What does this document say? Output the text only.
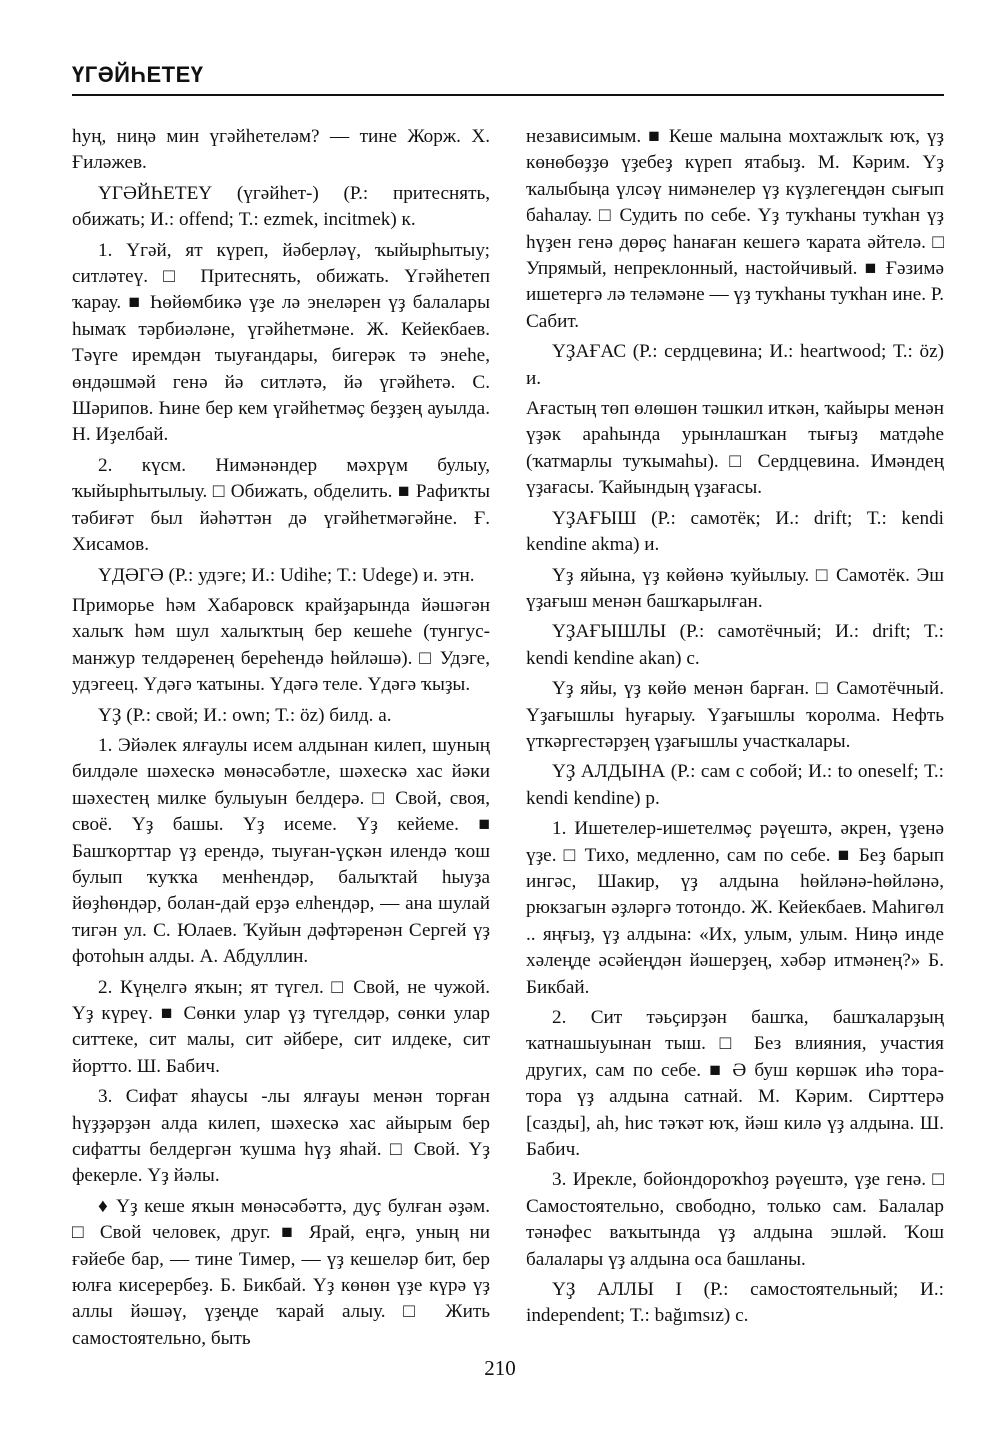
ҮГӘЙҺЕТЕҮ

һуң, ниңә мин үгәйһетеләм? — тине Жорж. Х. Ғиләжев.

ҮГӘЙҺЕТЕҮ (үгәйһет-) (Р.: притеснять, обижать; И.: offend; Т.: ezmek, incitmek) к.

1. Үгәй, ят күреп, йәберләү, ҡыйырһытыу; ситләтеү. □ Притеснять, обижать. Үгәйһетеп ҡарау. ■ Һөйөмбикә үҙе лә энеләрен үҙ балалары һымаҡ тәрбиәләне, үгәйһетмәне. Ж. Кейекбаев. Тәүге иремдән тыуғандары, бигерәк тә энеһе, өндәшмәй генә йә ситләтә, йә үгәйһетә. С. Шәрипов. Һине бер кем үгәйһетмәҫ беҙҙең ауылда. Н. Иҙелбай.

2. күсм. Нимәнәндер мәхрүм булыу, ҡыйырһытылыу. □ Обижать, обделить. ■ Рафиҡты тәбиғәт был йәһәттән дә үгәйһетмәгәйне. Ғ. Хисамов.

ҮДӘГӘ (Р.: удэге; И.: Udihe; Т.: Udege) и. этн.

Приморье һәм Хабаровск крайҙарында йәшәгән халыҡ һәм шул халыҡтың бер кешеһе (тунгус-манжур телдәренең береһендә һөйләшә). □ Удэге, удэгеец. Үдәгә ҡатыны. Үдәгә теле. Үдәгә ҡыҙы.

ҮҘ (Р.: свой; И.: own; Т.: öz) билд. а.

1. Эйәлек ялғаулы исем алдынан килеп, шуның билдәле шәхескә мөнәсәбәтле, шәхескә хас йәки шәхестең милке булыуын белдерә. □ Свой, своя, своё. Үҙ башы. Үҙ исеме. Үҙ кейеме. ■ Башҡорттар үҙ ерендә, тыуған-үҫкән илендә ҡош булып ҡуҡҡа менһендәр, балыҡтай һыуҙа йөҙһөндәр, болан-дай ерҙә елһендәр, — ана шулай тигән ул. С. Юлаев. Ҡуйын дәфтәренән Сергей үҙ фотоһын алды. А. Абдуллин.

2. Күңелгә яҡын; ят түгел. □ Свой, не чужой. Үҙ күреү. ■ Сөнки улар үҙ түгелдәр, сөнки улар ситтеке, сит малы, сит әйбере, сит илдеке, сит йортто. Ш. Бабич.

3. Сифат яһаусы -лы ялғауы менән торған һүҙҙәрҙән алда килеп, шәхескә хас айырым бер сифатты белдергән ҡушма һүҙ яһай. □ Свой. Үҙ фекерле. Үҙ йәлы.

♦ Үҙ кеше яҡын мөнәсәбәттә, дуҫ булған әҙәм. □ Свой человек, друг. ■ Ярай, еңгә, уның ни ғәйебе бар, — тине Тимер, — үҙ кешеләр бит, бер юлға кисерербеҙ. Б. Бикбай. Үҙ көнөн үҙе күрә үҙ аллы йәшәү, үҙеңде ҡарай алыу. □ Жить самостоятельно, быть

независимым. ■ Кеше малына мохтажлыҡ юҡ, үҙ көнөбөҙҙө үҙебеҙ күреп ятабыҙ. М. Кәрим. Үҙ ҡалыбыңа үлсәү нимәнелер үҙ күҙлегеңдән сығып баһалау. □ Судить по себе. Үҙ туҡһаны туҡһан үҙ һүҙен генә дөрөҫ һанаған кешегә ҡарата әйтелә. □ Упрямый, непреклонный, настойчивый. ■ Ғәзимә ишетергә лә теләмәне — үҙ туҡһаны туҡһан ине. Р. Сабит.

ҮҘАҒАС (Р.: сердцевина; И.: heartwood; Т.: öz) и.

Ағастың төп өлөшөн тәшкил иткән, ҡайыры менән үҙәк араһында урынлашҡан тығыҙ матдәһе (ҡатмарлы туҡымаһы). □ Сердцевина. Имәндең үҙағасы. Ҡайындың үҙағасы.

ҮҘАҒЫШ (Р.: самотёк; И.: drift; Т.: kendi kendine akma) и.

Үҙ яйына, үҙ көйөнә ҡуйылыу. □ Самотёк. Эш үҙағыш менән башҡарылған.

ҮҘАҒЫШЛЫ (Р.: самотёчный; И.: drift; Т.: kendi kendine akan) с.

Үҙ яйы, үҙ көйө менән барған. □ Самотёчный. Үҙағышлы һуғарыу. Үҙағышлы ҡоролма. Нефть үткәргестәрҙең үҙағышлы участкалары.

ҮҘ АЛДЫНА (Р.: сам с собой; И.: to oneself; Т.: kendi kendine) р.

1. Ишетелер-ишетелмәҫ рәүештә, әкрен, үҙенә үҙе. □ Тихо, медленно, сам по себе. ■ Беҙ барып ингәс, Шакир, үҙ алдына һөйләнә-һөйләнә, рюкзагын әҙләргә тотондо. Ж. Кейекбаев. Маһигөл .. яңғыҙ, үҙ алдына: «Их, улым, улым. Ниңә инде хәлеңде әсәйеңдән йәшерҙең, хәбәр итмәнең?» Б. Бикбай.

2. Сит тәьҫирҙән башҡа, башҡаларҙың ҡатнашыуынан тыш. □ Без влияния, участия других, сам по себе. ■ Ә буш көршәк иһә тора-тора үҙ алдына сатнай. М. Кәрим. Сирттерә [сазды], аһ, һис тәҡәт юҡ, йәш килә үҙ алдына. Ш. Бабич.

3. Ирекле, бойондороҡһоҙ рәүештә, үҙе генә. □ Самостоятельно, свободно, только сам. Балалар тәнәфес ваҡытында үҙ алдына эшләй. Ҡош балалары үҙ алдына оса башланы.

ҮҘ АЛЛЫ I (Р.: самостоятельный; И.: independent; Т.: bağımsız) с.

210
